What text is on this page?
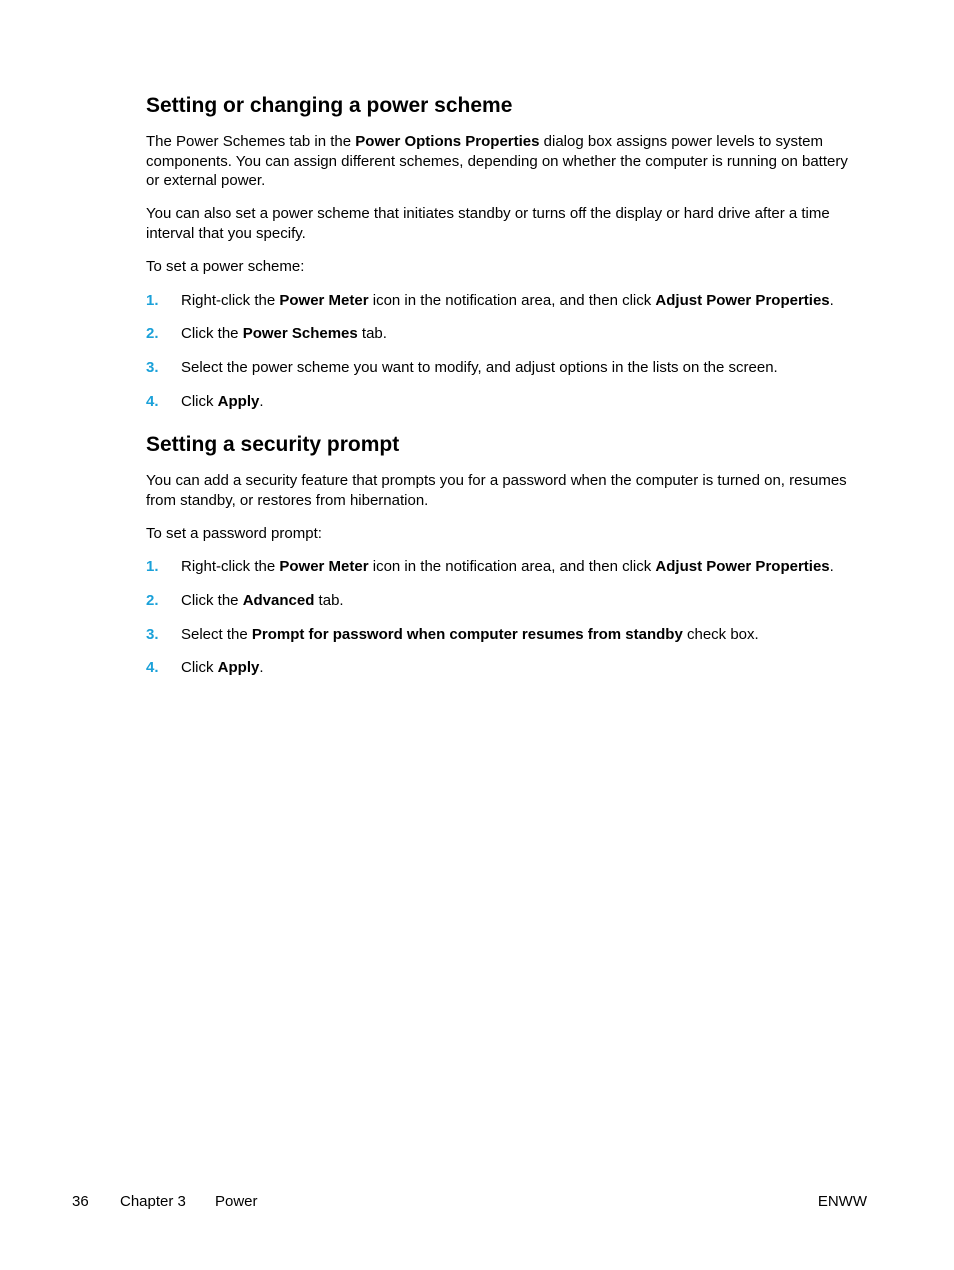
Setting or changing a power scheme

The Power Schemes tab in the Power Options Properties dialog box assigns power levels to system components. You can assign different schemes, depending on whether the computer is running on battery or external power.

You can also set a power scheme that initiates standby or turns off the display or hard drive after a time interval that you specify.

To set a power scheme:

1. Right-click the Power Meter icon in the notification area, and then click Adjust Power Properties.
2. Click the Power Schemes tab.
3. Select the power scheme you want to modify, and adjust options in the lists on the screen.
4. Click Apply.
Setting a security prompt

You can add a security feature that prompts you for a password when the computer is turned on, resumes from standby, or restores from hibernation.

To set a password prompt:

1. Right-click the Power Meter icon in the notification area, and then click Adjust Power Properties.
2. Click the Advanced tab.
3. Select the Prompt for password when computer resumes from standby check box.
4. Click Apply.
36 Chapter 3 Power	ENWW
